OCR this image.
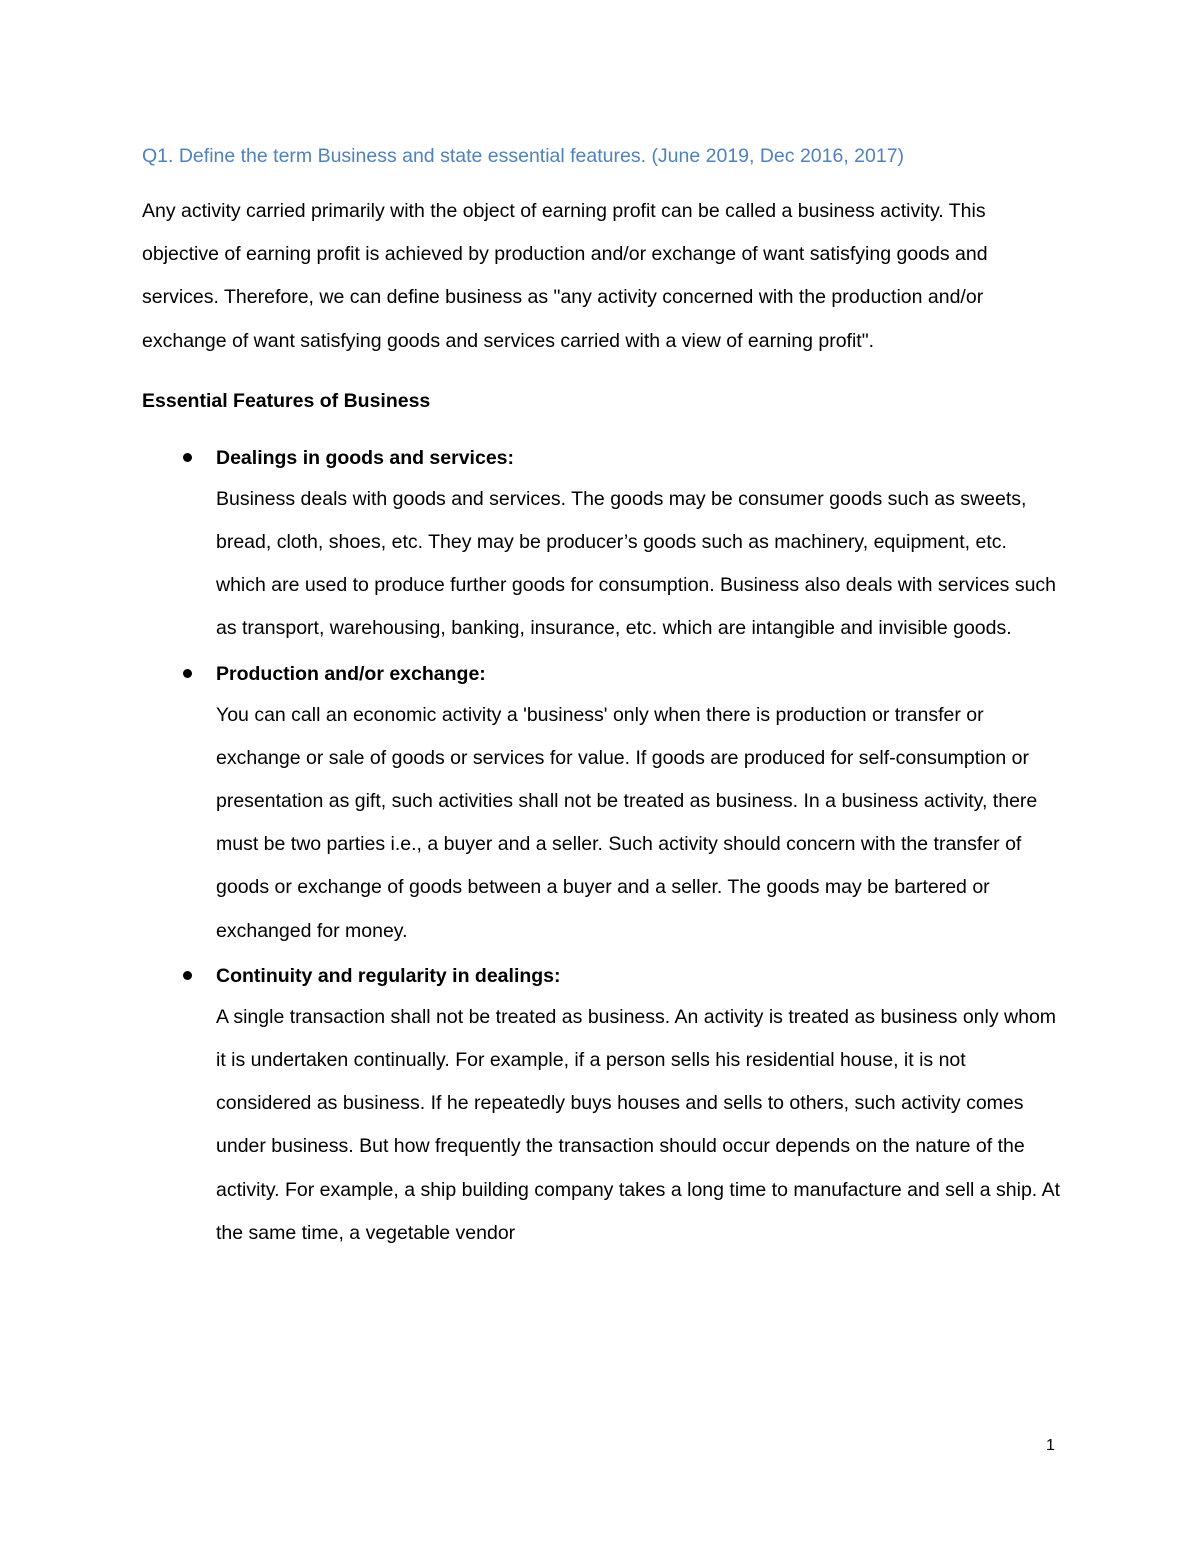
Q1. Define the term Business and state essential features. (June 2019, Dec 2016, 2017)

Any activity carried primarily with the object of earning profit can be called a business activity. This objective of earning profit is achieved by production and/or exchange of want satisfying goods and services. Therefore, we can define business as "any activity concerned with the production and/or exchange of want satisfying goods and services carried with a view of earning profit".

Essential Features of Business

Dealings in goods and services:

Business deals with goods and services. The goods may be consumer goods such as sweets, bread, cloth, shoes, etc. They may be producer’s goods such as machinery, equipment, etc. which are used to produce further goods for consumption. Business also deals with services such as transport, warehousing, banking, insurance, etc. which are intangible and invisible goods.

Production and/or exchange:

You can call an economic activity a 'business' only when there is production or transfer or exchange or sale of goods or services for value. If goods are produced for self-consumption or presentation as gift, such activities shall not be treated as business. In a business activity, there must be two parties i.e., a buyer and a seller. Such activity should concern with the transfer of goods or exchange of goods between a buyer and a seller. The goods may be bartered or exchanged for money.

Continuity and regularity in dealings:

A single transaction shall not be treated as business. An activity is treated as business only whom it is undertaken continually. For example, if a person sells his residential house, it is not considered as business. If he repeatedly buys houses and sells to others, such activity comes under business. But how frequently the transaction should occur depends on the nature of the activity. For example, a ship building company takes a long time to manufacture and sell a ship. At the same time, a vegetable vendor

1
